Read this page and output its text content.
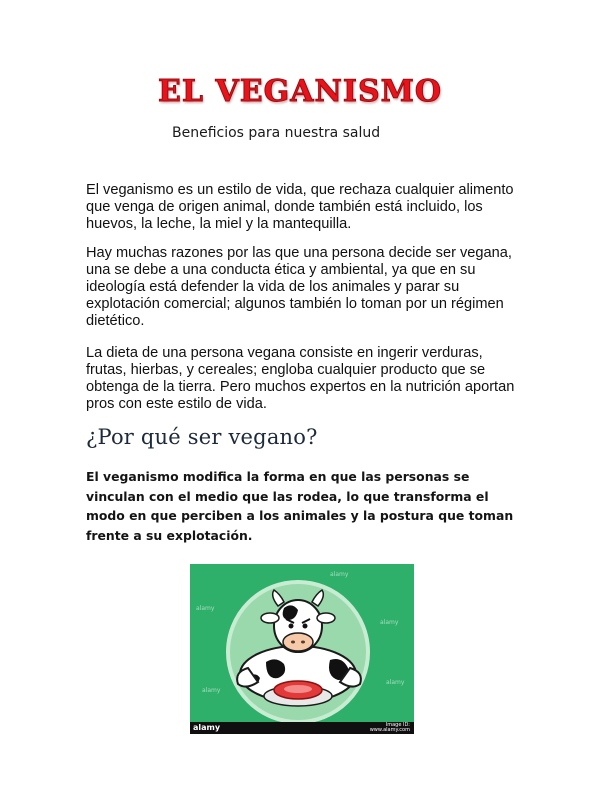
EL VEGANISMO

Beneficios para nuestra salud

El veganismo es un estilo de vida, que rechaza cualquier alimento que venga de origen animal, donde también está incluido, los huevos, la leche, la miel y la mantequilla.

Hay muchas razones por las que una persona decide ser vegana, una se debe a una conducta ética y ambiental, ya que en su ideología está defender la vida de los animales y parar su explotación comercial; algunos también lo toman por un régimen dietético.

La dieta de una persona vegana consiste en ingerir verduras, frutas, hierbas, y cereales; engloba cualquier producto que se obtenga de la tierra. Pero muchos expertos en la nutrición aportan pros con este estilo de vida.

¿Por qué ser vegano?

El veganismo modifica la forma en que las personas se vinculan con el medio que las rodea, lo que transforma el modo en que perciben a los animales y la postura que toman frente a su explotación.

alamy
alamy
alamy
alamy
alamy
alamy	Image ID:
www.alamy.com
